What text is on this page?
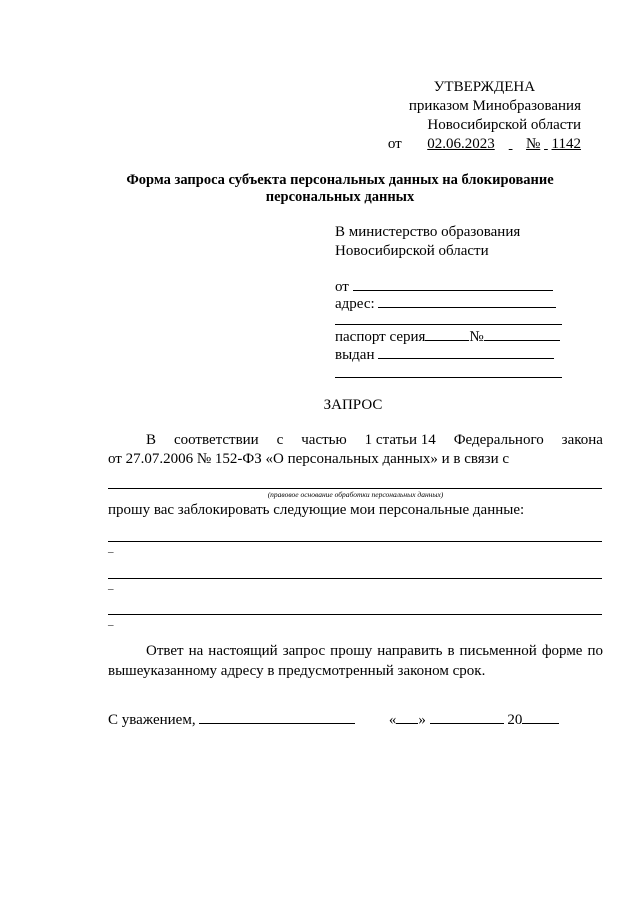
УТВЕРЖДЕНА
приказом Минобразования
Новосибирской области
от 02.06.2023 № 1142
Форма запроса субъекта персональных данных на блокирование персональных данных
В министерство образования
Новосибирской области
от
адрес:
паспорт серия	№
выдан
ЗАПРОС
В соответствии с частью 1 статьи 14 Федерального закона
от 27.07.2006 № 152-ФЗ «О персональных данных» и в связи с
(правовое основание обработки персональных данных)
прошу вас заблокировать следующие мои персональные данные:
–
–
–
Ответ на настоящий запрос прошу направить в письменной форме по вышеуказанному адресу в предусмотренный законом срок.
С уважением,	« »	20
